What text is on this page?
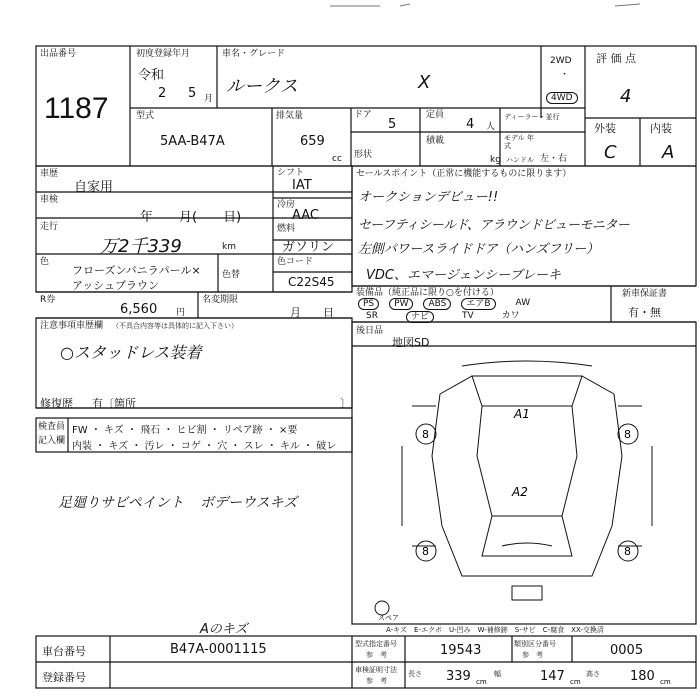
出品番号
1187
初度登録年月
令和
2 5 月
車名・グレード
ルークス	X
2WD
・
4WD
評 価 点
4
外装	内装
C	A
型式
5AA-B47A
排気量
659
cc
ドア
5
定員
4 人
ディーラー・並行
モデル 年式
積載
形状	kg ハンドル 左・右
車歴
自家用
車検
年　　月(　　日)
走行
万2千339	km
シフト
IAT
冷房
AAC
燃料
ガソリン
色
フローズンバニラパール×
アッシュブラウン
色替
色コード
C22S45
R券
6,560 円
名変期限
月　　日
セールスポイント（正常に機能するものに限ります）
オークションデビュー!!
セーフティシールド、アラウンドビューモニター
左側パワースライドドア（ハンズフリー）
VDC、エマージェンシーブレーキ
装備品（純正品に限り○を付ける）
PS	PW	ABS	エアB	AW
SR	ナビ	TV	カワ
新車保証書
有・無
後日品
地図SD
注意事項車歴欄 （不具合内容等は具体的に記入下さい）
○スタッドレス装着
修復歴 有〔箇所	〕
検査員
記入欄
FW ・ キズ ・ 飛石 ・ ヒビ割 ・ リペア跡 ・ ×要
内装 ・ キズ ・ 汚レ ・ コゲ ・ 穴 ・ スレ ・ キル ・ 破レ
足廻りサビペイント ボデーウスキズ
Aのキズ
8	8
8	8
A1
A2
スペア
A-キズ　E-エクボ　U-凹み　W-補修跡　S-サビ　C-腐食　XX-交換済
車台番号	B47A-0001115
登録番号
型式指定番号
参　考	19543	類別区分番号
参　考	0005
車検証明寸法
参　考
長さ 339 cm
幅	147 cm
高さ 180 cm
